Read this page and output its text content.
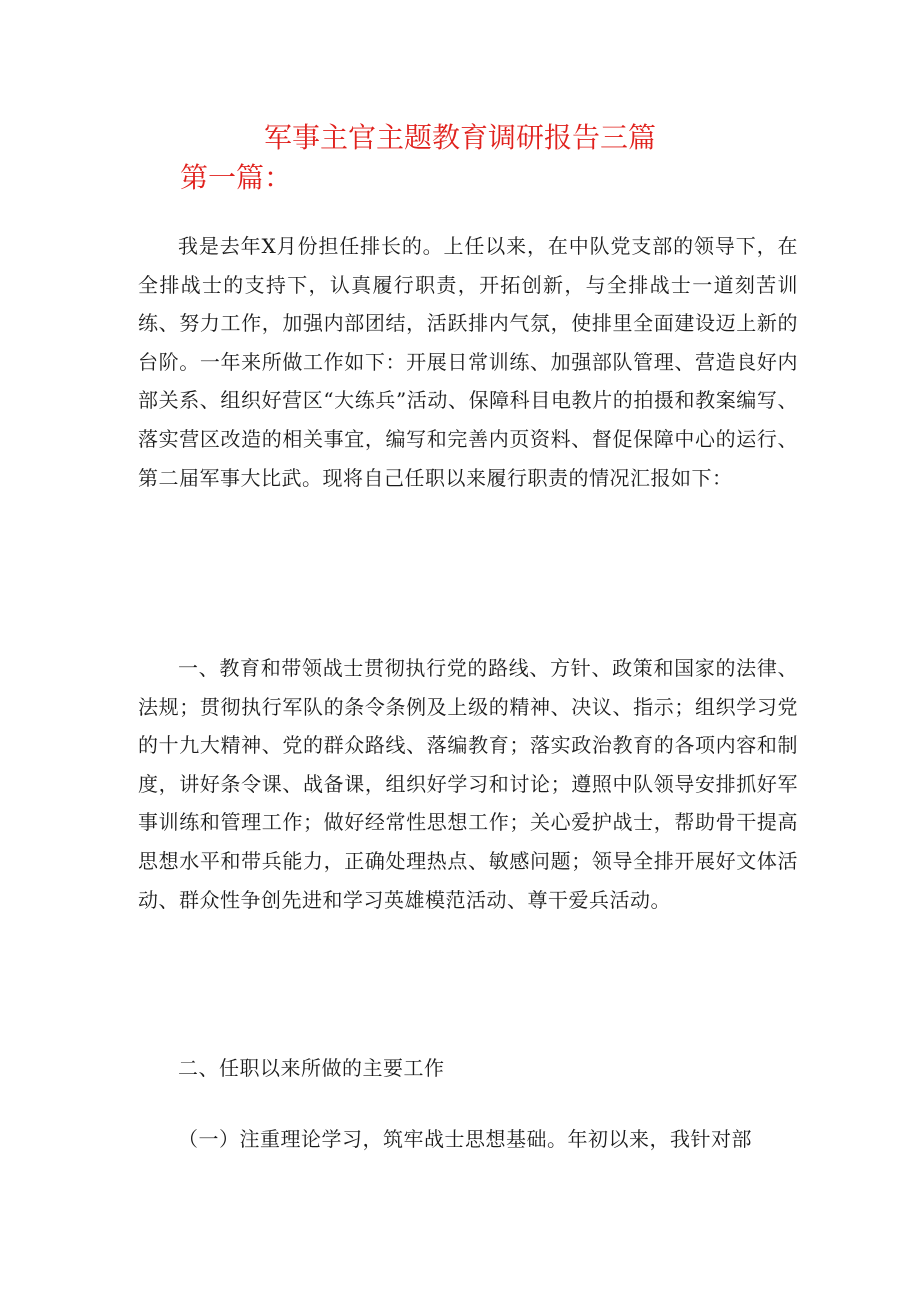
军事主官主题教育调研报告三篇
第一篇：

我是去年X月份担任排长的。上任以来，在中队党支部的领导下，在全排战士的支持下，认真履行职责，开拓创新，与全排战士一道刻苦训练、努力工作，加强内部团结，活跃排内气氛，使排里全面建设迈上新的台阶。一年来所做工作如下：开展日常训练、加强部队管理、营造良好内部关系、组织好营区“大练兵”活动、保障科目电教片的拍摄和教案编写、落实营区改造的相关事宜，编写和完善内页资料、督促保障中心的运行、第二届军事大比武。现将自己任职以来履行职责的情况汇报如下：

一、教育和带领战士贯彻执行党的路线、方针、政策和国家的法律、法规；贯彻执行军队的条令条例及上级的精神、决议、指示；组织学习党的十九大精神、党的群众路线、落编教育；落实政治教育的各项内容和制度，讲好条令课、战备课，组织好学习和讨论；遵照中队领导安排抓好军事训练和管理工作；做好经常性思想工作；关心爱护战士，帮助骨干提高思想水平和带兵能力，正确处理热点、敏感问题；领导全排开展好文体活动、群众性争创先进和学习英雄模范活动、尊干爱兵活动。

二、任职以来所做的主要工作

（一）注重理论学习，筑牢战士思想基础。年初以来，我针对部
